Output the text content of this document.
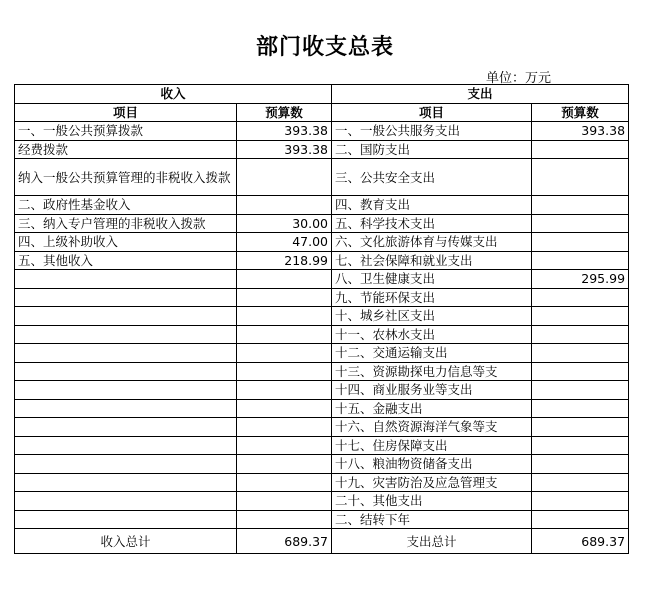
部门收支总表
单位：万元
收入		支出	
项目	预算数	项目	预算数
一、一般公共预算拨款	393.38	一、一般公共服务支出	393.38
经费拨款	393.38	二、国防支出	
纳入一般公共预算管理的非税收入拨款		三、公共安全支出	
二、政府性基金收入		四、教育支出	
三、纳入专户管理的非税收入拨款	30.00	五、科学技术支出	
四、上级补助收入	47.00	六、文化旅游体育与传媒支出	
五、其他收入	218.99	七、社会保障和就业支出	
		八、卫生健康支出	295.99
		九、节能环保支出	
		十、城乡社区支出	
		十一、农林水支出	
		十二、交通运输支出	
		十三、资源勘探电力信息等支	
		十四、商业服务业等支出	
		十五、金融支出	
		十六、自然资源海洋气象等支	
		十七、住房保障支出	
		十八、粮油物资储备支出	
		十九、灾害防治及应急管理支	
		二十、其他支出	
		二、结转下年	
收入总计	689.37	支出总计	689.37
